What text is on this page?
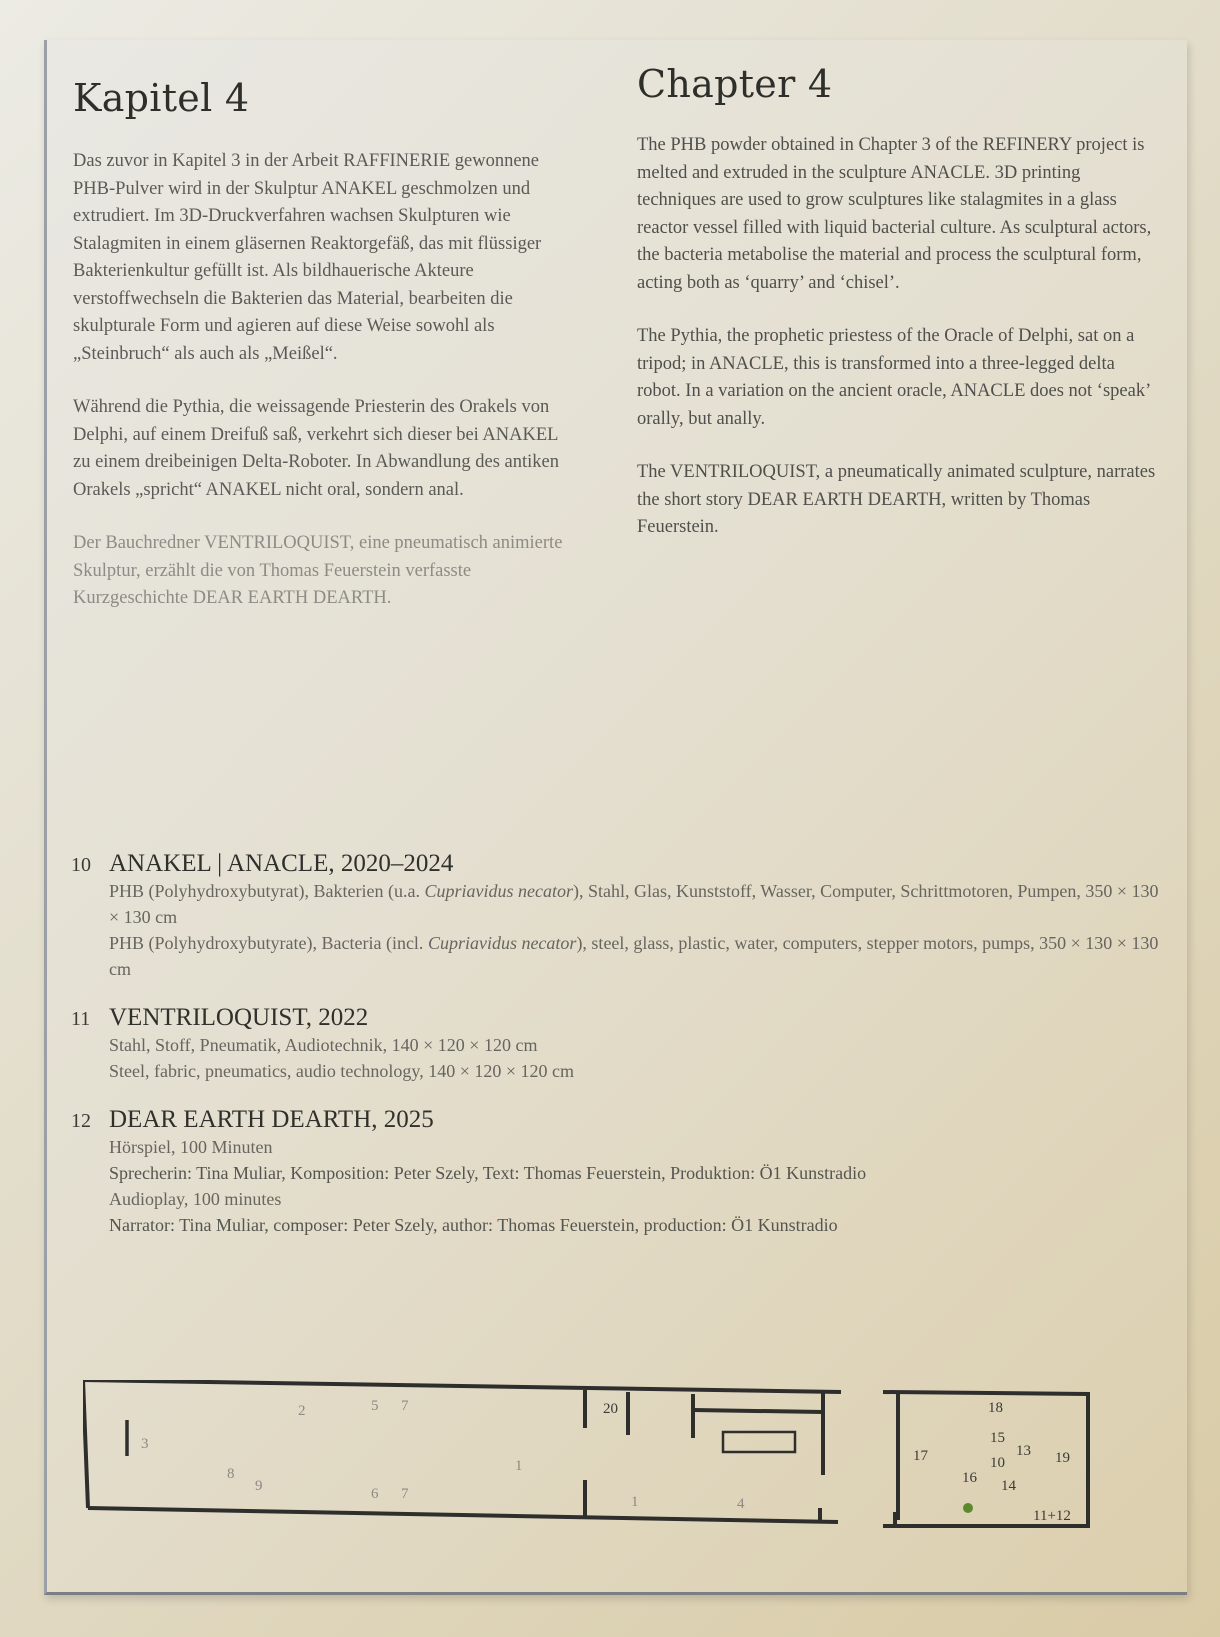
Kapitel 4

Das zuvor in Kapitel 3 in der Arbeit RAFFINERIE gewonnene PHB-Pulver wird in der Skulptur ANAKEL geschmolzen und extrudiert. Im 3D-Druckverfahren wachsen Skulpturen wie Stalagmiten in einem gläsernen Reaktorgefäß, das mit flüssiger Bakterienkultur gefüllt ist. Als bildhauerische Akteure verstoffwechseln die Bakterien das Material, bearbeiten die skulpturale Form und agieren auf diese Weise sowohl als „Steinbruch“ als auch als „Meißel“.

Während die Pythia, die weissagende Priesterin des Orakels von Delphi, auf einem Dreifuß saß, verkehrt sich dieser bei ANAKEL zu einem dreibeinigen Delta-Roboter. In Abwandlung des antiken Orakels „spricht“ ANAKEL nicht oral, sondern anal.

Der Bauchredner VENTRILOQUIST, eine pneumatisch animierte Skulptur, erzählt die von Thomas Feuerstein verfasste Kurzgeschichte DEAR EARTH DEARTH.

Chapter 4

The PHB powder obtained in Chapter 3 of the REFINERY project is melted and extruded in the sculpture ANACLE. 3D printing techniques are used to grow sculptures like stalagmites in a glass reactor vessel filled with liquid bacterial culture. As sculptural actors, the bacteria metabolise the material and process the sculptural form, acting both as ‘quarry’ and ‘chisel’.

The Pythia, the prophetic priestess of the Oracle of Delphi, sat on a tripod; in ANACLE, this is transformed into a three-legged delta robot. In a variation on the ancient oracle, ANACLE does not ‘speak’ orally, but anally.

The VENTRILOQUIST, a pneumatically animated sculpture, narrates the short story DEAR EARTH DEARTH, written by Thomas Feuerstein.

10 ANAKEL | ANACLE, 2020–2024
PHB (Polyhydroxybutyrat), Bakterien (u.a. Cupriavidus necator), Stahl, Glas, Kunststoff, Wasser, Computer, Schrittmotoren, Pumpen, 350 × 130 × 130 cm
PHB (Polyhydroxybutyrate), Bacteria (incl. Cupriavidus necator), steel, glass, plastic, water, computers, stepper motors, pumps, 350 × 130 × 130 cm
11 VENTRILOQUIST, 2022
Stahl, Stoff, Pneumatik, Audiotechnik, 140 × 120 × 120 cm
Steel, fabric, pneumatics, audio technology, 140 × 120 × 120 cm
12 DEAR EARTH DEARTH, 2025
Hörspiel, 100 Minuten
Sprecherin: Tina Muliar, Komposition: Peter Szely, Text: Thomas Feuerstein, Produktion: Ö1 Kunstradio
Audioplay, 100 minutes
Narrator: Tina Muliar, composer: Peter Szely, author: Thomas Feuerstein, production: Ö1 Kunstradio
3
2	5 7
8
9	6 7
1
20
1	4
17
18
15
13 19
10
16 14
11+12
